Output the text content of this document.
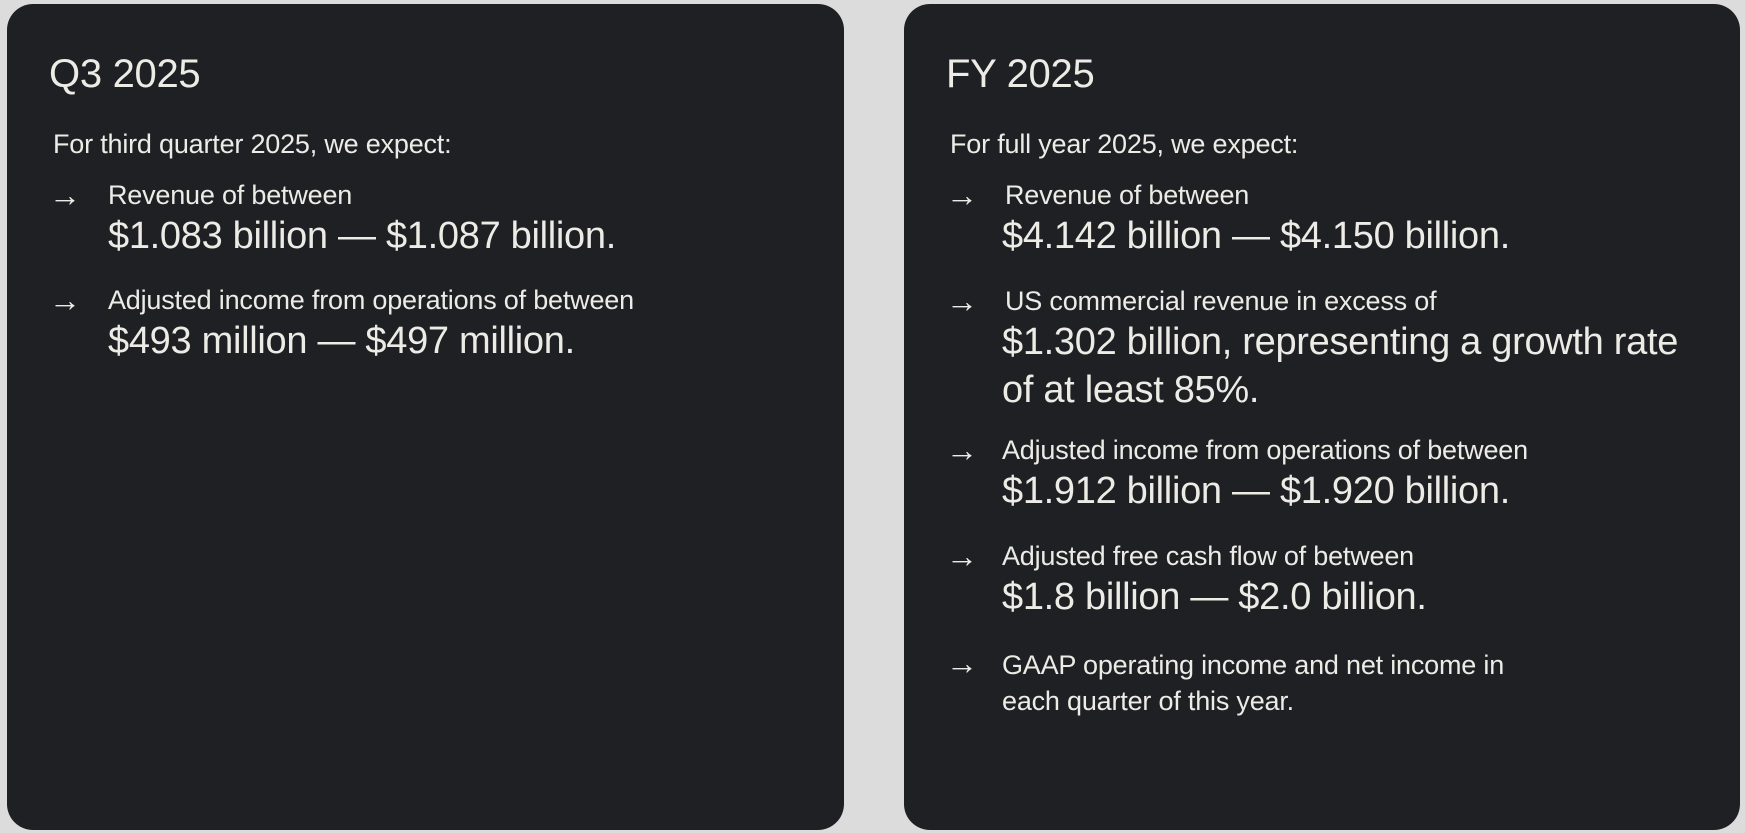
Q3 2025

For third quarter 2025, we expect:

→ Revenue of between
$1.083 billion — $1.087 billion.
→ Adjusted income from operations of between
$493 million — $497 million.
FY 2025

For full year 2025, we expect:

→ Revenue of between
$4.142 billion — $4.150 billion.
→ US commercial revenue in excess of
$1.302 billion, representing a growth rate of at least 85%.
→ Adjusted income from operations of between
$1.912 billion — $1.920 billion.
→ Adjusted free cash flow of between
$1.8 billion — $2.0 billion.
→ GAAP operating income and net income in each quarter of this year.
